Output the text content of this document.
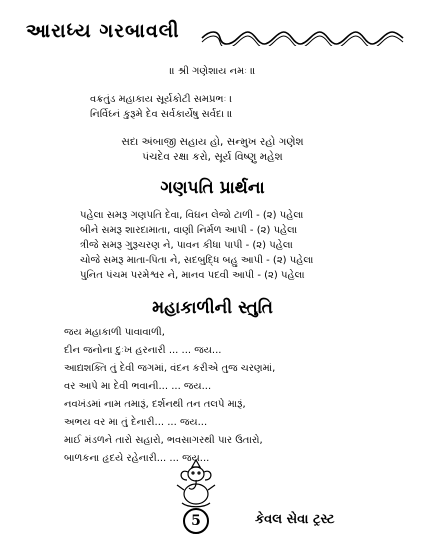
આરાધ્ય ગરબાવલી
॥ શ્રી ગણેશાય નમઃ ॥
વક્રતુંડ મહાકાય સૂર્યકોટી સમપ્રભઃ ।
નિર્વિઘ્નં કુરૂમે દેવ સર્વકાર્યેષુ સર્વદા ॥
સદા અંબાજી સહાય હો, સન્મુખ રહો ગણેશ
પંચદેવ રક્ષા કરો, સૂર્ય વિષ્ણુ મહેશ
ગણપતિ પ્રાર્થના
પહેલા સમરૂ ગણપતિ દેવા, વિઘન લેજો ટાળી - (૨) પહેલા
બીને સમરૂ શારદામાતા, વાણી નિર્મળ આપી - (૨) પહેલા
ત્રીજે સમરૂ ગુરૂચરણ ને, પાવન કીધા પાપી - (૨) પહેલા
ચોજે સમરૂ માતા-પિતા ને, સદબુદ્ધિ બહુ આપી - (૨) પહેલા
પુનિત પંચમ પરમેશ્વર ને, માનવ પદવી આપી - (૨) પહેલા
મહાકાળીની સ્તુતિ
જય મહાકાળી પાવાવાળી,
દીન જનોના દુઃખ હરનારી ... ... જય...
આદ્યશક્તિ તું દેવી જગમાં, વંદન કરીએ તુજ ચરણમાં,
વર આપે મા દેવી ભવાની... ... જય...
નવખંડમાં નામ તમારૂં, દર્શનથી તન તલપે મારૂં,
અભય વર મા તું દેનારી... ... જય...
માઈ મંડળને તારો સહારો, ભવસાગરથી પાર ઉતારો,
બાળકના હૃદયે રહેનારી... ... જય...
5	કેવલ સેવા ટ્રસ્ટ
